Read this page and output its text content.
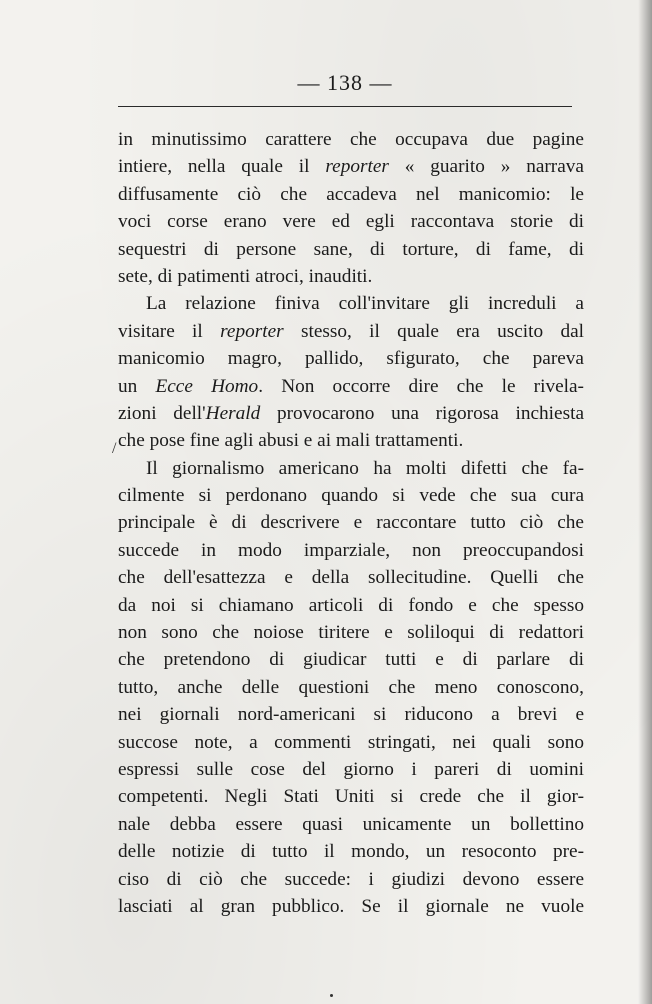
— 138 —
/
in minutissimo carattere che occupava due pagine
intiere, nella quale il reporter « guarito » narrava
diffusamente ciò che accadeva nel manicomio: le
voci corse erano vere ed egli raccontava storie di
sequestri di persone sane, di torture, di fame, di
sete, di patimenti atroci, inauditi.
La relazione finiva coll'invitare gli increduli a
visitare il reporter stesso, il quale era uscito dal
manicomio magro, pallido, sfigurato, che pareva
un Ecce Homo. Non occorre dire che le rivela-
zioni dell'Herald provocarono una rigorosa inchiesta
che pose fine agli abusi e ai mali trattamenti.
Il giornalismo americano ha molti difetti che fa-
cilmente si perdonano quando si vede che sua cura
principale è di descrivere e raccontare tutto ciò che
succede in modo imparziale, non preoccupandosi
che dell'esattezza e della sollecitudine. Quelli che
da noi si chiamano articoli di fondo e che spesso
non sono che noiose tiritere e soliloqui di redattori
che pretendono di giudicar tutti e di parlare di
tutto, anche delle questioni che meno conoscono,
nei giornali nord-americani si riducono a brevi e
succose note, a commenti stringati, nei quali sono
espressi sulle cose del giorno i pareri di uomini
competenti. Negli Stati Uniti si crede che il gior-
nale debba essere quasi unicamente un bollettino
delle notizie di tutto il mondo, un resoconto pre-
ciso di ciò che succede: i giudizi devono essere
lasciati al gran pubblico. Se il giornale ne vuole
